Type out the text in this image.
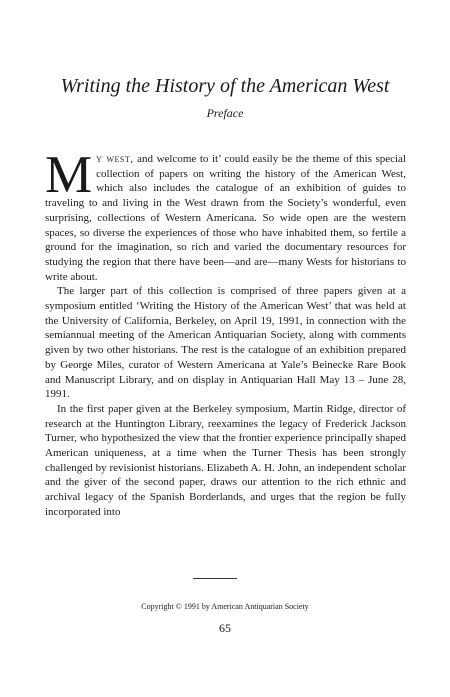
Writing the History of the American West
Preface

My west, and welcome to it’ could easily be the theme of this special collection of papers on writing the history of the American West, which also includes the catalogue of an exhibition of guides to traveling to and living in the West drawn from the Society’s wonderful, even surprising, collections of Western Americana. So wide open are the western spaces, so diverse the experiences of those who have inhabited them, so fertile a ground for the imagination, so rich and varied the documentary resources for studying the region that there have been—and are—many Wests for historians to write about.

The larger part of this collection is comprised of three papers given at a symposium entitled ‘Writing the History of the American West’ that was held at the University of California, Berkeley, on April 19, 1991, in connection with the semiannual meeting of the American Antiquarian Society, along with comments given by two other historians. The rest is the catalogue of an exhibition prepared by George Miles, curator of Western Americana at Yale’s Beinecke Rare Book and Manuscript Library, and on display in Antiquarian Hall May 13 – June 28, 1991.

In the first paper given at the Berkeley symposium, Martin Ridge, director of research at the Huntington Library, reexamines the legacy of Frederick Jackson Turner, who hypothesized the view that the frontier experience principally shaped American uniqueness, at a time when the Turner Thesis has been strongly challenged by revisionist historians. Elizabeth A. H. John, an independent scholar and the giver of the second paper, draws our attention to the rich ethnic and archival legacy of the Spanish Borderlands, and urges that the region be fully incorporated into

Copyright © 1991 by American Antiquarian Society
65
